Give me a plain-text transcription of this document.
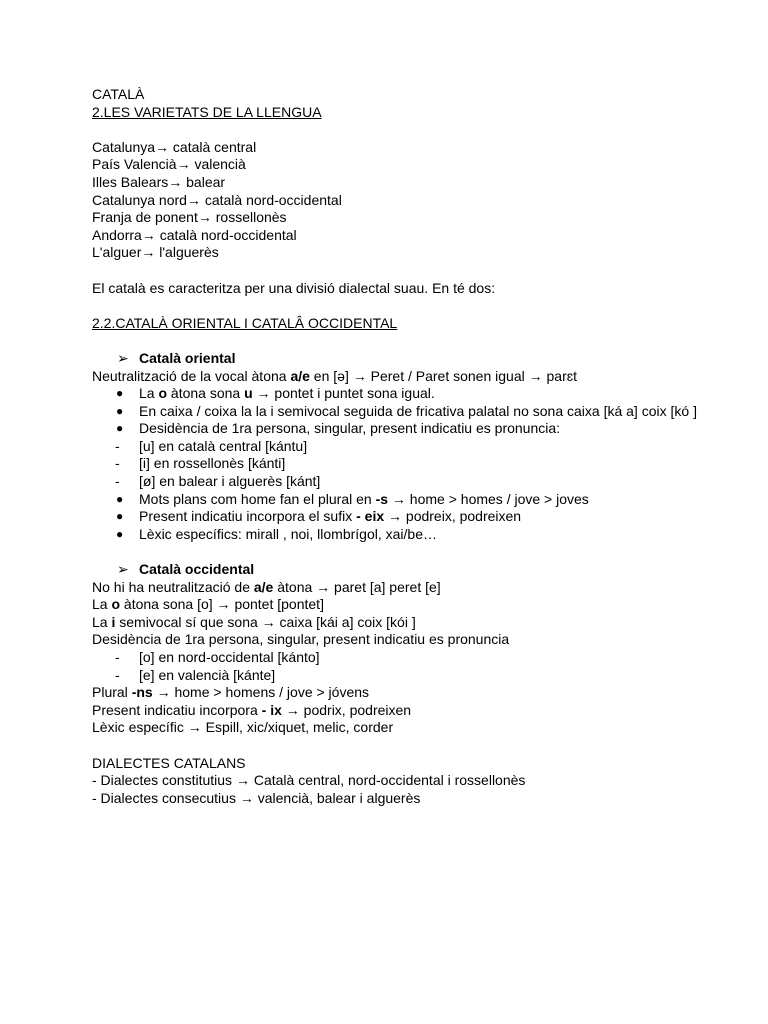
CATALÀ
2.LES VARIETATS DE LA LLENGUA
Catalunya→ català central
País Valencià→ valencià
Illes Balears→ balear
Catalunya nord→ català nord-occidental
Franja de ponent→ rossellonès
Andorra→ català nord-occidental
L'alguer→ l'alguerès
El català es caracteritza per una divisió dialectal suau. En té dos:
2.2.CATALÀ ORIENTAL I CATALÂ OCCIDENTAL
➢ Català oriental
Neutralització de la vocal àtona a/e en [ə] → Peret / Paret sonen igual → parɛt
● La o àtona sona u → pontet i puntet sona igual.
● En caixa / coixa la la i semivocal seguida de fricativa palatal no sona caixa [ká a] coix [kó ]
● Desidència de 1ra persona, singular, present indicatiu es pronuncia:
- [u] en català central [kántu]
- [i] en rossellonès [kánti]
- [ø] en balear i alguerès [kánt]
● Mots plans com home fan el plural en -s → home > homes / jove > joves
● Present indicatiu incorpora el sufix - eix → podreix, podreixen
● Lèxic específics: mirall , noi, llombrígol, xai/be…
➢ Català occidental
No hi ha neutralització de a/e àtona → paret [a] peret [e]
La o àtona sona [o] → pontet [pontet]
La i semivocal sí que sona → caixa [kái a] coix [kói ]
Desidència de 1ra persona, singular, present indicatiu es pronuncia
- [o] en nord-occidental [kánto]
- [e] en valencià [kánte]
Plural -ns → home > homens / jove > jóvens
Present indicatiu incorpora - ix → podrix, podreixen
Lèxic específic → Espill, xic/xiquet, melic, corder
DIALECTES CATALANS
- Dialectes constitutius → Català central, nord-occidental i rossellonès
- Dialectes consecutius → valencià, balear i alguerès
